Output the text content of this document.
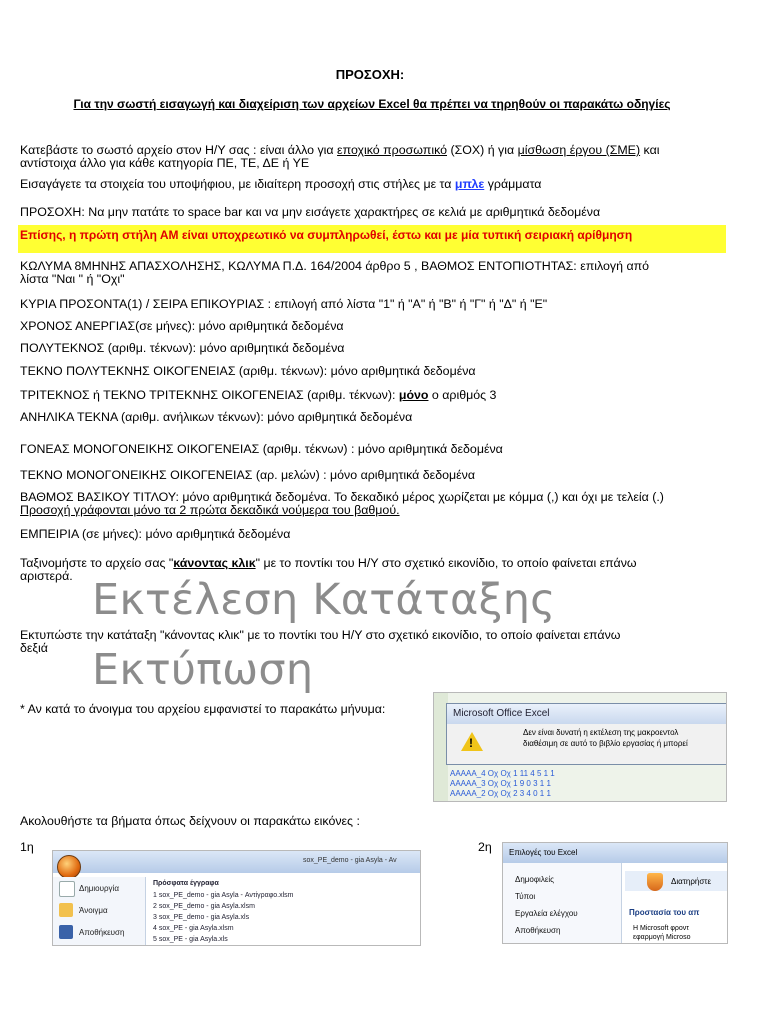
ΠΡΟΣΟΧΗ:
Για την σωστή εισαγωγή και διαχείριση των αρχείων Excel θα πρέπει να τηρηθούν οι παρακάτω οδηγίες
Κατεβάστε το σωστό αρχείο στον Η/Υ σας : είναι άλλο για εποχικό προσωπικό (ΣΟΧ) ή για μίσθωση έργου (ΣΜΕ) και
αντίστοιχα άλλο για κάθε κατηγορία ΠΕ, ΤΕ, ΔΕ ή ΥΕ
Εισαγάγετε τα στοιχεία του υποψήφιου, με ιδιαίτερη προσοχή στις στήλες με τα μπλε γράμματα
ΠΡΟΣΟΧΗ: Να μην πατάτε το space bar και να μην εισάγετε χαρακτήρες σε κελιά με αριθμητικά δεδομένα
Επίσης, η πρώτη στήλη ΑΜ είναι υποχρεωτικό να συμπληρωθεί, έστω και με μία τυπική σειριακή αρίθμηση
ΚΩΛΥΜΑ 8ΜΗΝΗΣ ΑΠΑΣΧΟΛΗΣΗΣ, ΚΩΛΥΜΑ Π.Δ. 164/2004 άρθρο 5 , ΒΑΘΜΟΣ ΕΝΤΟΠΙΟΤΗΤΑΣ: επιλογή από
λίστα "Ναι " ή "Οχι"
ΚΥΡΙΑ ΠΡΟΣΟΝΤΑ(1) / ΣΕΙΡΑ ΕΠΙΚΟΥΡΙΑΣ : επιλογή από λίστα "1" ή "Α" ή "Β" ή "Γ" ή "Δ" ή "Ε"
ΧΡΟΝΟΣ ΑΝΕΡΓΙΑΣ(σε μήνες): μόνο αριθμητικά δεδομένα
ΠΟΛΥΤΕΚΝΟΣ (αριθμ. τέκνων): μόνο αριθμητικά δεδομένα
ΤΕΚΝΟ ΠΟΛΥΤΕΚΝΗΣ ΟΙΚΟΓΕΝΕΙΑΣ (αριθμ. τέκνων): μόνο αριθμητικά δεδομένα
ΤΡΙΤΕΚΝΟΣ ή ΤΕΚΝΟ ΤΡΙΤΕΚΝΗΣ ΟΙΚΟΓΕΝΕΙΑΣ (αριθμ. τέκνων): μόνο ο αριθμός 3
ΑΝΗΛΙΚΑ ΤΕΚΝΑ (αριθμ. ανήλικων τέκνων): μόνο αριθμητικά δεδομένα
ΓΟΝΕΑΣ ΜΟΝΟΓΟΝΕΙΚΗΣ ΟΙΚΟΓΕΝΕΙΑΣ (αριθμ. τέκνων) : μόνο αριθμητικά δεδομένα
ΤΕΚΝΟ ΜΟΝΟΓΟΝΕΙΚΗΣ ΟΙΚΟΓΕΝΕΙΑΣ (αρ. μελών) : μόνο αριθμητικά δεδομένα
ΒΑΘΜΟΣ ΒΑΣΙΚΟΥ ΤΙΤΛΟΥ: μόνο αριθμητικά δεδομένα. Το δεκαδικό μέρος χωρίζεται με κόμμα (,) και όχι με τελεία (.)
Προσοχή γράφονται μόνο τα 2 πρώτα δεκαδικά νούμερα του βαθμού.
ΕΜΠΕΙΡΙΑ (σε μήνες): μόνο αριθμητικά δεδομένα
Ταξινομήστε το αρχείο σας "κάνοντας κλικ" με το ποντίκι του Η/Υ στο σχετικό εικονίδιο, το οποίο φαίνεται επάνω
αριστερά. Εκτέλεση Κατάταξης
Εκτυπώστε την κατάταξη "κάνοντας κλικ" με το ποντίκι του Η/Υ στο σχετικό εικονίδιο, το οποίο φαίνεται επάνω
δεξιά Εκτύπωση
* Αν κατά το άνοιγμα του αρχείου εμφανιστεί το παρακάτω μήνυμα:
AAAAA_4 Οχ Οχ 1 11 4 5 1 1
AAAAA_3 Οχ Οχ 1 9 0 3 1 1
AAAAA_2 Οχ Οχ 2 3 4 0 1 1
Microsoft Office Excel
!
Δεν είναι δυνατή η εκτέλεση της μακροεντολ
διαθέσιμη σε αυτό το βιβλίο εργασίας ή μπορεί
Ακολουθήστε τα βήματα όπως δείχνουν οι παρακάτω εικόνες :
1η	2η
sox_PE_demo - gia Asyla - Av
Δημιουργία
Άνοιγμα
Αποθήκευση
Πρόσφατα έγγραφα
1 sox_PE_demo - gia Asyla - Αντίγραφο.xlsm
2 sox_PE_demo - gia Asyla.xlsm
3 sox_PE_demo - gia Asyla.xls
4 sox_PE - gia Asyla.xlsm
5 sox_PE - gia Asyla.xls
Επιλογές του Excel
Δημοφιλείς
Τύποι
Εργαλεία ελέγχου
Αποθήκευση
Διατηρήστε
Προστασία του απ
Η Microsoft φροντ
εφαρμογή Microso
